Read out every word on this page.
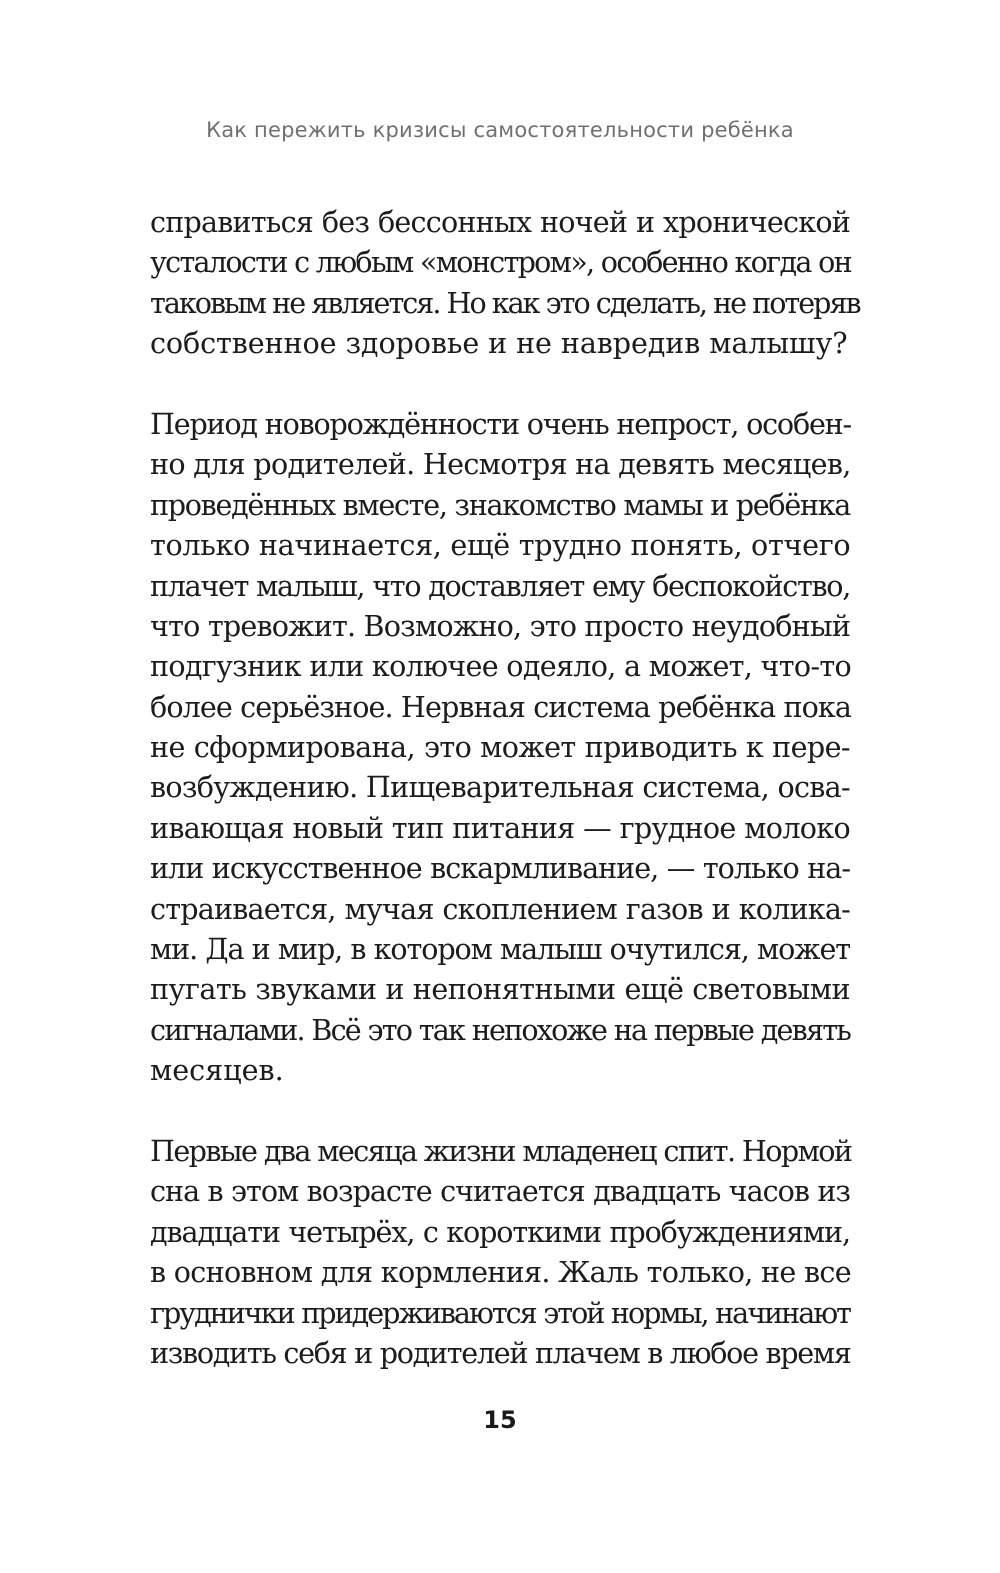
Как пережить кризисы самостоятельности ребёнка
справиться без бессонных ночей и хронической
усталости с любым «монстром», особенно когда он
таковым не является. Но как это сделать, не потеряв
собственное здоровье и не навредив малышу?
Период новорождённости очень непрост, особен-
но для родителей. Несмотря на девять месяцев,
проведённых вместе, знакомство мамы и ребёнка
только начинается, ещё трудно понять, отчего
плачет малыш, что доставляет ему беспокойство,
что тревожит. Возможно, это просто неудобный
подгузник или колючее одеяло, а может, что-то
более серьёзное. Нервная система ребёнка пока
не сформирована, это может приводить к пере-
возбуждению. Пищеварительная система, осва-
ивающая новый тип питания — грудное молоко
или искусственное вскармливание, — только на-
страивается, мучая скоплением газов и колика-
ми. Да и мир, в котором малыш очутился, может
пугать звуками и непонятными ещё световыми
сигналами. Всё это так непохоже на первые девять
месяцев.
Первые два месяца жизни младенец спит. Нормой
сна в этом возрасте считается двадцать часов из
двадцати четырёх, с короткими пробуждениями,
в основном для кормления. Жаль только, не все
груднички придерживаются этой нормы, начинают
изводить себя и родителей плачем в любое время
15
